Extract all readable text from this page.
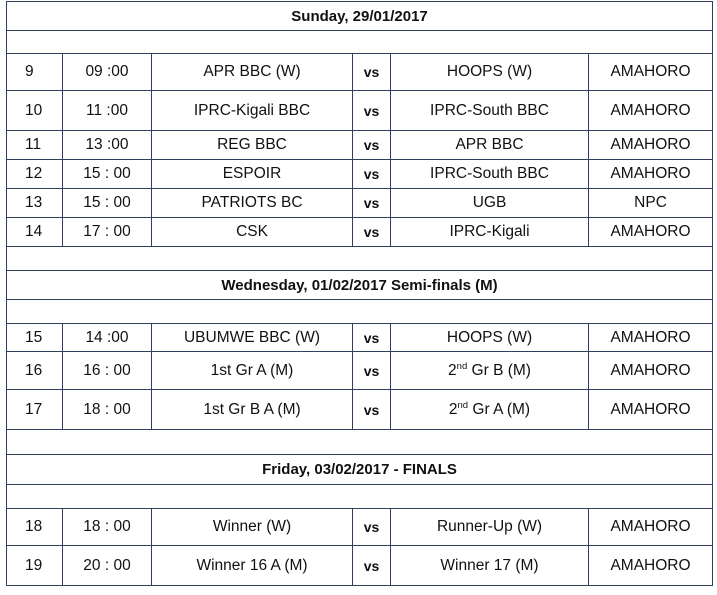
Sunday, 29/01/2017					

9	09 :00	APR BBC (W)	vs	HOOPS (W)	AMAHORO
10	11 :00	IPRC-Kigali BBC	vs	IPRC-South BBC	AMAHORO
11	13 :00	REG BBC	vs	APR BBC	AMAHORO
12	15 : 00	ESPOIR	vs	IPRC-South BBC	AMAHORO
13	15 : 00	PATRIOTS BC	vs	UGB	NPC
14	17 : 00	CSK	vs	IPRC-Kigali	AMAHORO

Wednesday, 01/02/2017 Semi-finals (M)					

15	14 :00	UBUMWE BBC (W)	vs	HOOPS (W)	AMAHORO
16	16 : 00	1st Gr A (M)	vs	2nd Gr B (M)	AMAHORO
17	18 : 00	1st Gr B A (M)	vs	2nd Gr A (M)	AMAHORO

Friday, 03/02/2017 - FINALS					

18	18 : 00	Winner (W)	vs	Runner-Up (W)	AMAHORO
19	20 : 00	Winner 16 A (M)	vs	Winner 17 (M)	AMAHORO
